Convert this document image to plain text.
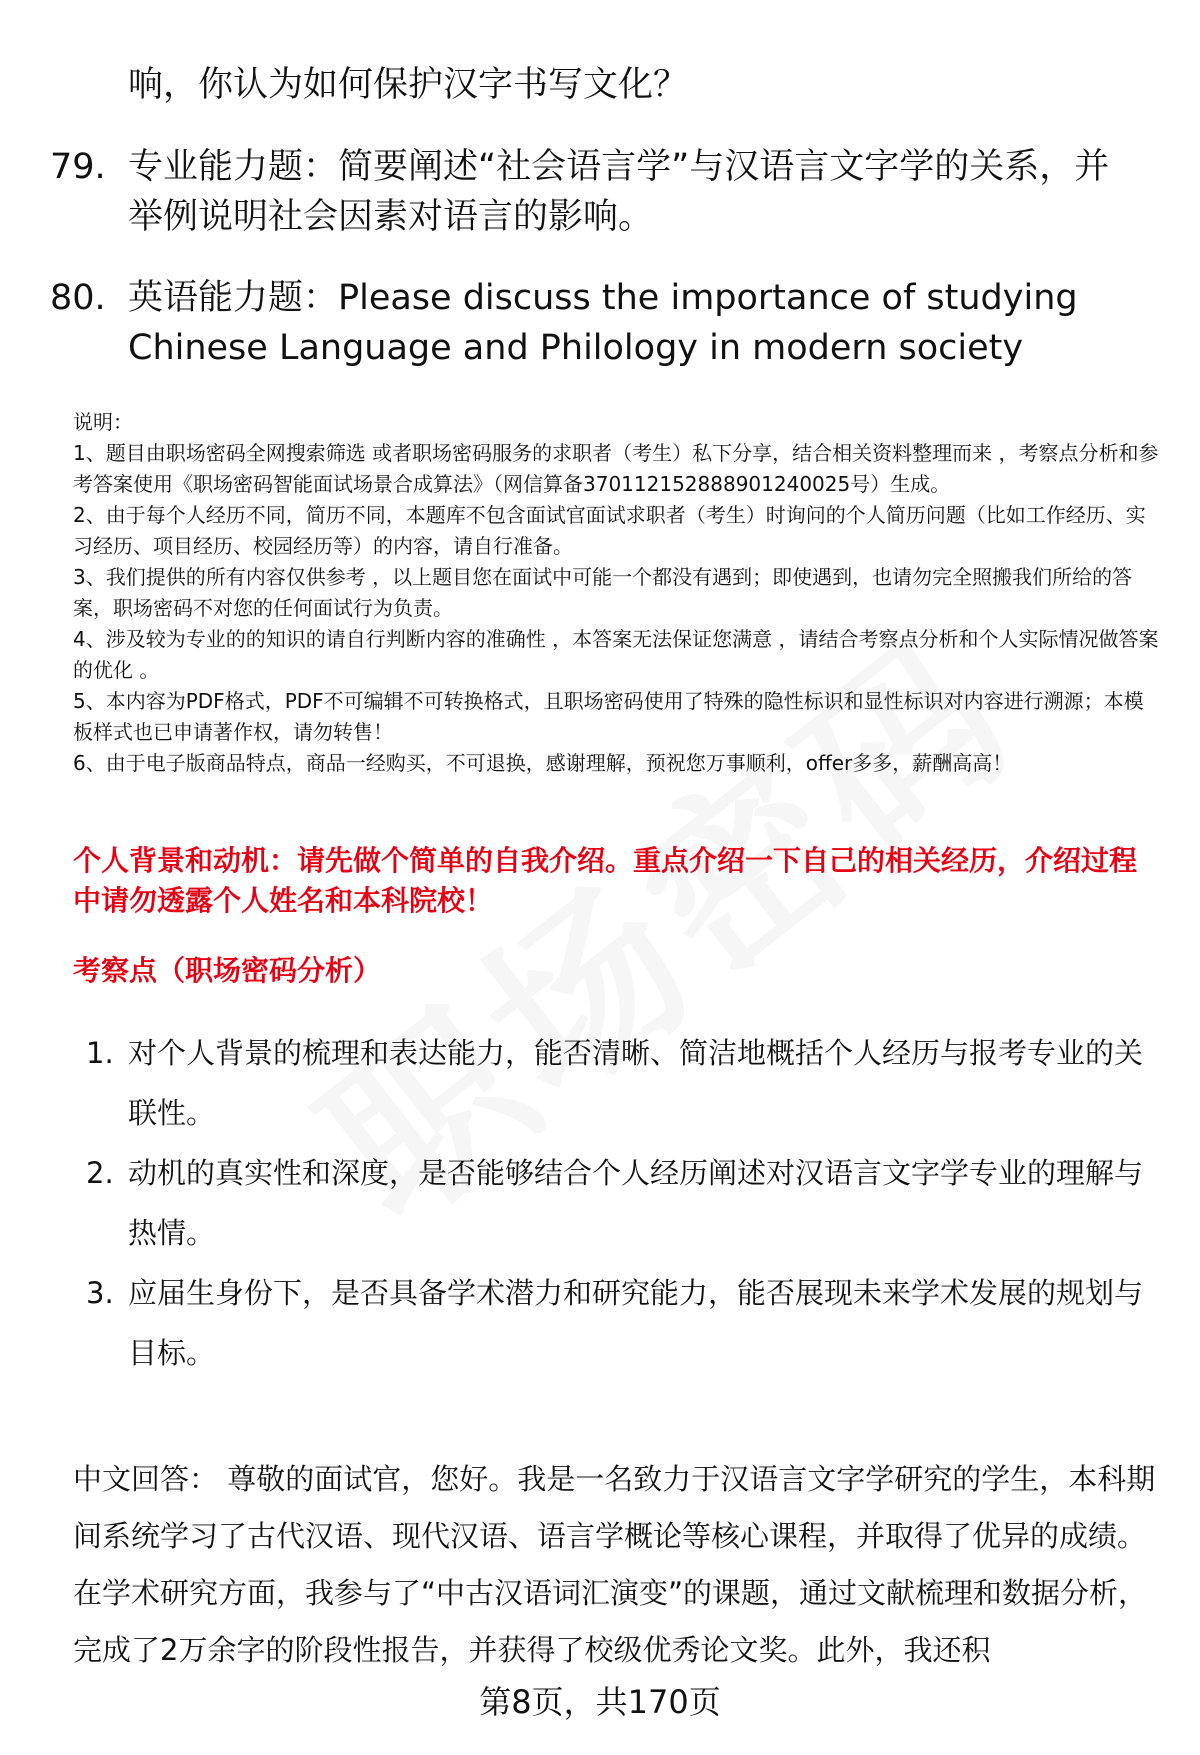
响，你认为如何保护汉字书写文化？
79. 专业能力题：简要阐述“社会语言学”与汉语言文字学的关系，并举例说明社会因素对语言的影响。
80. 英语能力题：Please discuss the importance of studying Chinese Language and Philology in modern society
说明：
1、题目由职场密码全网搜索筛选 或者职场密码服务的求职者（考生）私下分享，结合相关资料整理而来 ，考察点分析和参考答案使用《职场密码智能面试场景合成算法》（网信算备370112152888901240025号）生成。
2、由于每个人经历不同，简历不同，本题库不包含面试官面试求职者（考生）时询问的个人简历问题（比如工作经历、实习经历、项目经历、校园经历等）的内容，请自行准备。
3、我们提供的所有内容仅供参考 ，以上题目您在面试中可能一个都没有遇到；即使遇到，也请勿完全照搬我们所给的答案，职场密码不对您的任何面试行为负责。
4、涉及较为专业的的知识的请自行判断内容的准确性 ，本答案无法保证您满意 ，请结合考察点分析和个人实际情况做答案的优化 。
5、本内容为PDF格式，PDF不可编辑不可转换格式，且职场密码使用了特殊的隐性标识和显性标识对内容进行溯源；本模板样式也已申请著作权，请勿转售！
6、由于电子版商品特点，商品一经购买，不可退换，感谢理解，预祝您万事顺利，offer多多，薪酬高高！
个人背景和动机：请先做个简单的自我介绍。重点介绍一下自己的相关经历，介绍过程中请勿透露个人姓名和本科院校！
考察点（职场密码分析）
1. 对个人背景的梳理和表达能力，能否清晰、简洁地概括个人经历与报考专业的关联性。
2. 动机的真实性和深度，是否能够结合个人经历阐述对汉语言文字学专业的理解与热情。
3. 应届生身份下，是否具备学术潜力和研究能力，能否展现未来学术发展的规划与目标。
中文回答： 尊敬的面试官，您好。我是一名致力于汉语言文字学研究的学生，本科期间系统学习了古代汉语、现代汉语、语言学概论等核心课程，并取得了优异的成绩。在学术研究方面，我参与了“中古汉语词汇演变”的课题，通过文献梳理和数据分析，完成了2万余字的阶段性报告，并获得了校级优秀论文奖。此外，我还积
第8页，共170页
